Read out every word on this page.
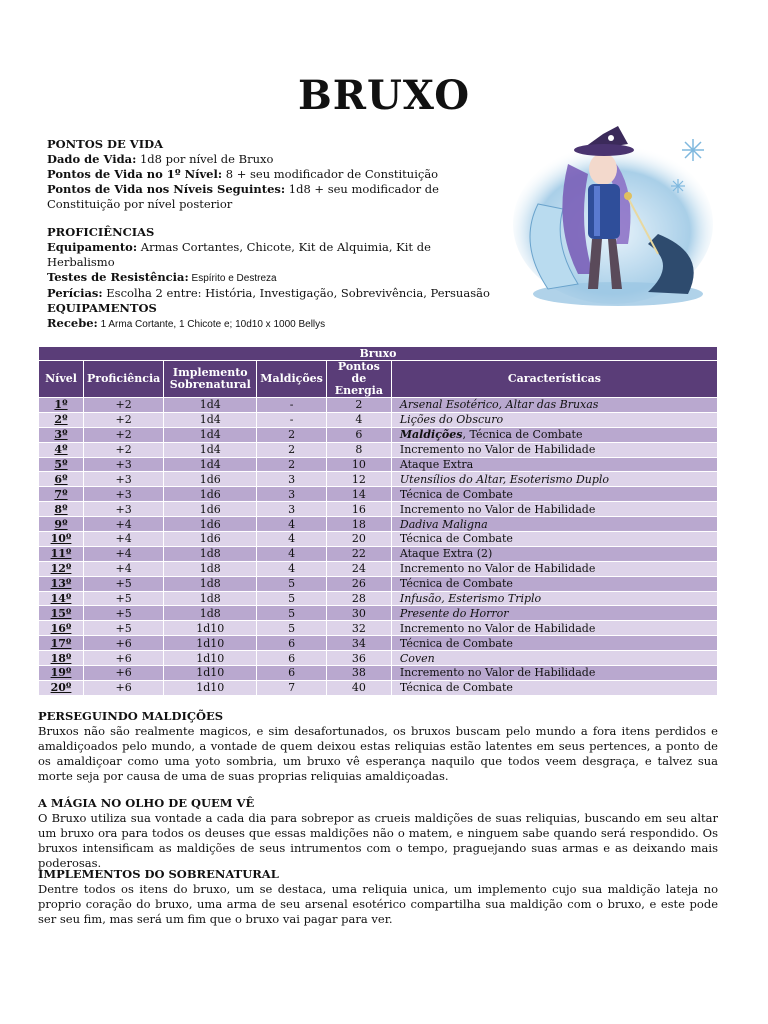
BRUXO
PONTOS DE VIDA
Dado de Vida: 1d8 por nível de Bruxo
Pontos de Vida no 1º Nível: 8 + seu modificador de Constituição
Pontos de Vida nos Níveis Seguintes: 1d8 + seu modificador de Constituição por nível posterior
PROFICIÊNCIAS
Equipamento: Armas Cortantes, Chicote, Kit de Alquimia, Kit de Herbalismo
Testes de Resistência: Espírito e Destreza
Perícias: Escolha 2 entre: História, Investigação, Sobrevivência, Persuasão
EQUIPAMENTOS
Recebe: 1 Arma Cortante, 1 Chicote e; 10d10 x 1000 Bellys
Bruxo					
Nível	Proficiência	Implemento Sobrenatural	Maldições	Pontos de Energia	Características
1º	+2	1d4	-	2	Arsenal Esotérico, Altar das Bruxas
2º	+2	1d4	-	4	Lições do Obscuro
3º	+2	1d4	2	6	Maldições, Técnica de Combate
4º	+2	1d4	2	8	Incremento no Valor de Habilidade
5º	+3	1d4	2	10	Ataque Extra
6º	+3	1d6	3	12	Utensílios do Altar, Esoterismo Duplo
7º	+3	1d6	3	14	Técnica de Combate
8º	+3	1d6	3	16	Incremento no Valor de Habilidade
9º	+4	1d6	4	18	Dadiva Maligna
10º	+4	1d6	4	20	Técnica de Combate
11º	+4	1d8	4	22	Ataque Extra (2)
12º	+4	1d8	4	24	Incremento no Valor de Habilidade
13º	+5	1d8	5	26	Técnica de Combate
14º	+5	1d8	5	28	Infusão, Esterismo Triplo
15º	+5	1d8	5	30	Presente do Horror
16º	+5	1d10	5	32	Incremento no Valor de Habilidade
17º	+6	1d10	6	34	Técnica de Combate
18º	+6	1d10	6	36	Coven
19º	+6	1d10	6	38	Incremento no Valor de Habilidade
20º	+6	1d10	7	40	Técnica de Combate
PERSEGUINDO MALDIÇÕES
Bruxos não são realmente magicos, e sim desafortunados, os bruxos buscam pelo mundo a fora itens perdidos e amaldiçoados pelo mundo, a vontade de quem deixou estas reliquias estão latentes em seus pertences, a ponto de os amaldiçoar como uma yoto sombria, um bruxo vê esperança naquilo que todos veem desgraça, e talvez sua morte seja por causa de uma de suas proprias reliquias amaldiçoadas.
A MÁGIA NO OLHO DE QUEM VÊ
O Bruxo utiliza sua vontade a cada dia para sobrepor as crueis maldições de suas reliquias, buscando em seu altar um bruxo ora para todos os deuses que essas maldições não o matem, e ninguem sabe quando será respondido. Os bruxos intensificam as maldições de seus intrumentos com o tempo, praguejando suas armas e as deixando mais poderosas.
IMPLEMENTOS DO SOBRENATURAL
Dentre todos os itens do bruxo, um se destaca, uma reliquia unica, um implemento cujo sua maldição lateja no proprio coração do bruxo, uma arma de seu arsenal esotérico compartilha sua maldição com o bruxo, e este pode ser seu fim, mas será um fim que o bruxo vai pagar para ver.
